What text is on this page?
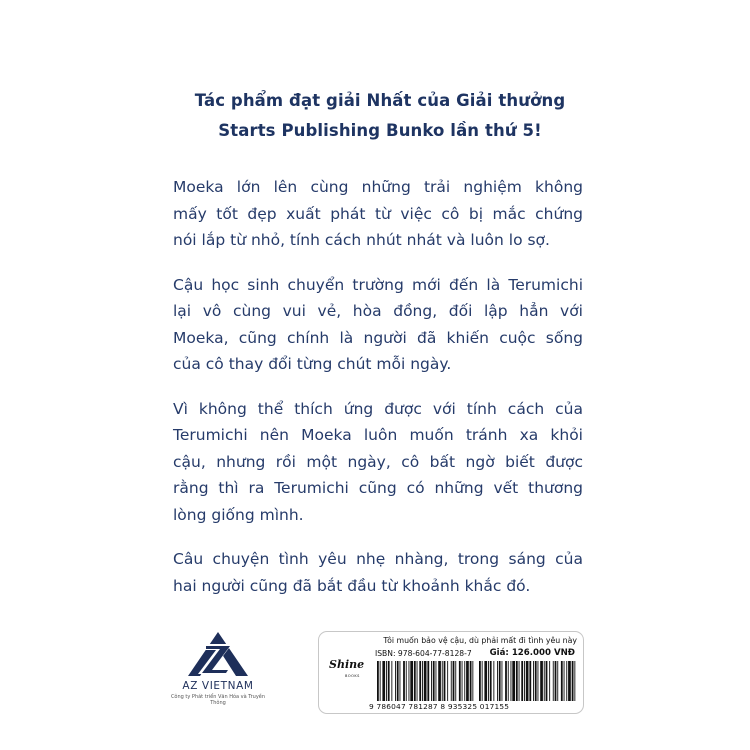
Tác phẩm đạt giải Nhất của Giải thưởng
Starts Publishing Bunko lần thứ 5!

Moeka lớn lên cùng những trải nghiệm không
mấy tốt đẹp xuất phát từ việc cô bị mắc chứng
nói lắp từ nhỏ, tính cách nhút nhát và luôn lo sợ.

Cậu học sinh chuyển trường mới đến là Terumichi
lại vô cùng vui vẻ, hòa đồng, đối lập hẳn với
Moeka, cũng chính là người đã khiến cuộc sống
của cô thay đổi từng chút mỗi ngày.

Vì không thể thích ứng được với tính cách của
Terumichi nên Moeka luôn muốn tránh xa khỏi
cậu, nhưng rồi một ngày, cô bất ngờ biết được
rằng thì ra Terumichi cũng có những vết thương
lòng giống mình.

Câu chuyện tình yêu nhẹ nhàng, trong sáng của
hai người cũng đã bắt đầu từ khoảnh khắc đó.

AZ VIETNAM
Công ty Phát triển Văn Hóa và Truyền Thông
Tôi muốn bảo vệ cậu, dù phải mất đi tình yêu này
ISBN: 978-604-77-8128-7 Giá: 126.000 VNĐ
Shine
BOOKS
9 786047 781287 8 935325 017155
